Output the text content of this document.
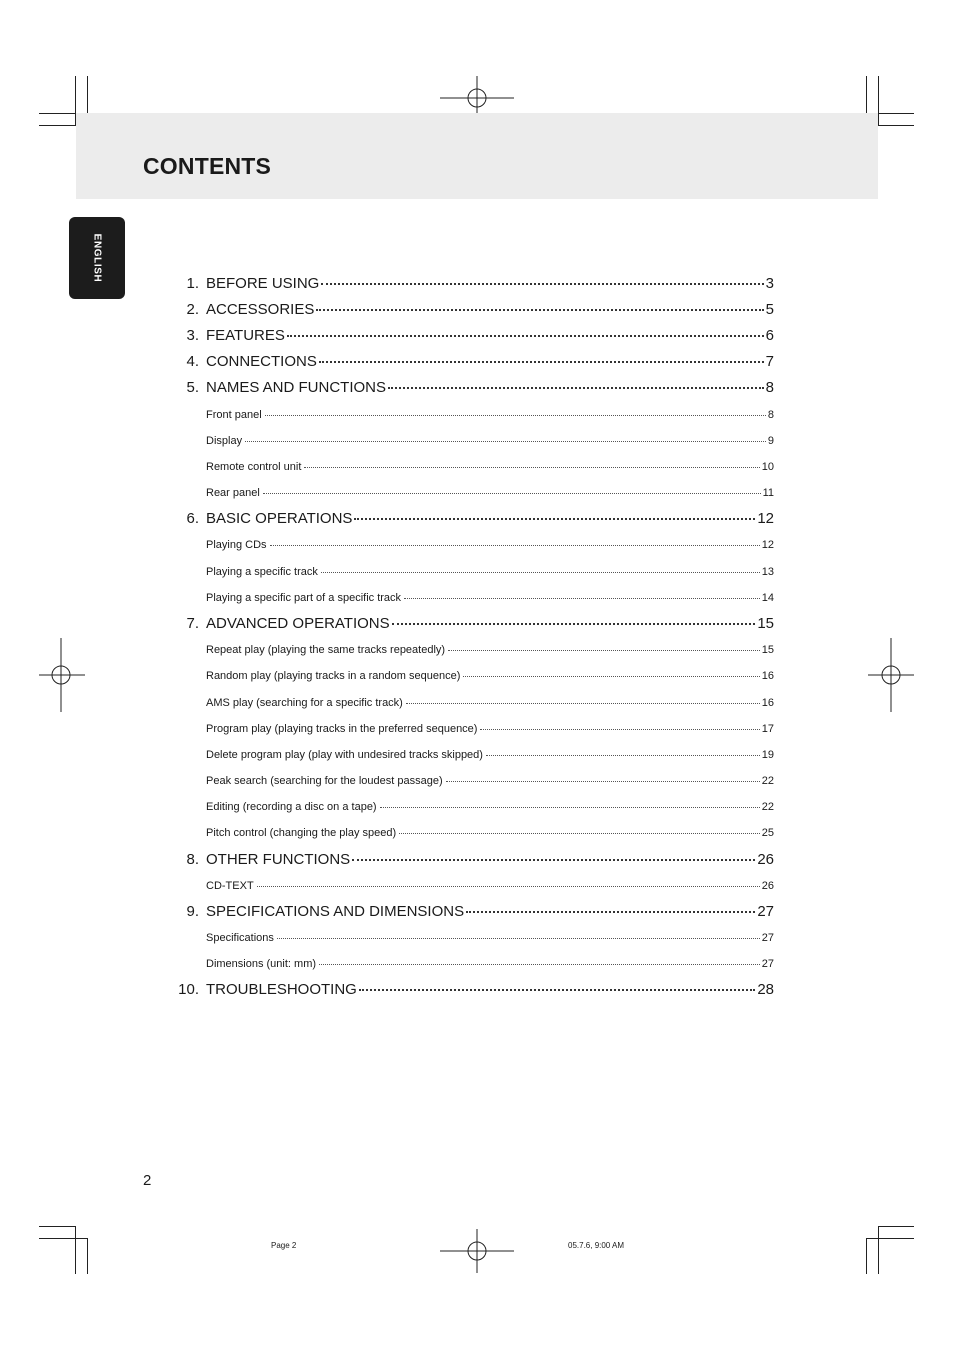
CONTENTS
ENGLISH
1. BEFORE USING	3
2. ACCESSORIES	5
3. FEATURES	6
4. CONNECTIONS	7
5. NAMES AND FUNCTIONS	8
Front panel	8
Display	9
Remote control unit	10
Rear panel	11
6. BASIC OPERATIONS	12
Playing CDs	12
Playing a specific track	13
Playing a specific part of a specific track	14
7. ADVANCED OPERATIONS	15
Repeat play (playing the same tracks repeatedly)	15
Random play (playing tracks in a random sequence)	16
AMS play (searching for a specific track)	16
Program play (playing tracks in the preferred sequence)	17
Delete program play (play with undesired tracks skipped)	19
Peak search (searching for the loudest passage)	22
Editing (recording a disc on a tape)	22
Pitch control (changing the play speed)	25
8. OTHER FUNCTIONS	26
CD-TEXT	26
9. SPECIFICATIONS AND DIMENSIONS	27
Specifications	27
Dimensions (unit: mm)	27
10. TROUBLESHOOTING	28

2

Page 2	05.7.6, 9:00 AM
